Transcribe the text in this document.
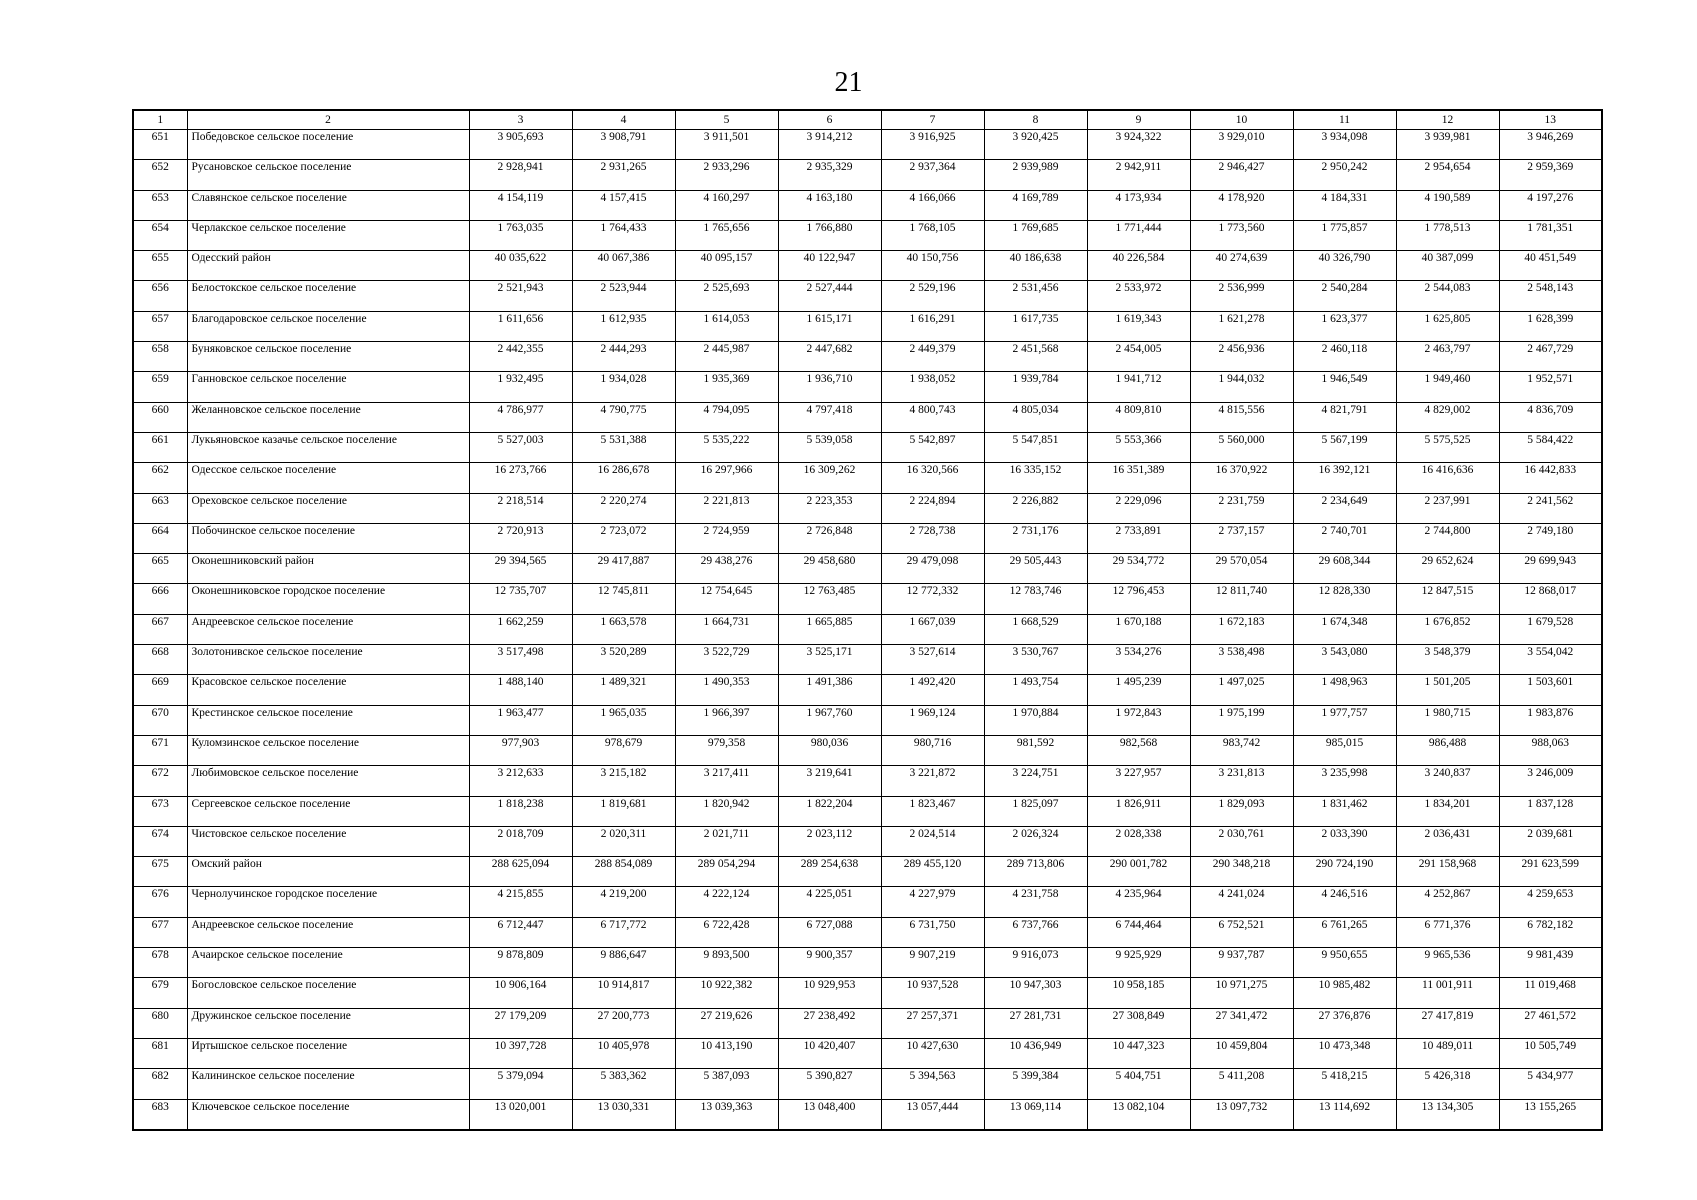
21
1	2	3	4	5	6	7	8	9	10	11	12	13
651	Победовское сельское поселение	3 905,693	3 908,791	3 911,501	3 914,212	3 916,925	3 920,425	3 924,322	3 929,010	3 934,098	3 939,981	3 946,269
652	Русановское сельское поселение	2 928,941	2 931,265	2 933,296	2 935,329	2 937,364	2 939,989	2 942,911	2 946,427	2 950,242	2 954,654	2 959,369
653	Славянское сельское поселение	4 154,119	4 157,415	4 160,297	4 163,180	4 166,066	4 169,789	4 173,934	4 178,920	4 184,331	4 190,589	4 197,276
654	Черлакское сельское поселение	1 763,035	1 764,433	1 765,656	1 766,880	1 768,105	1 769,685	1 771,444	1 773,560	1 775,857	1 778,513	1 781,351
655	Одесский район	40 035,622	40 067,386	40 095,157	40 122,947	40 150,756	40 186,638	40 226,584	40 274,639	40 326,790	40 387,099	40 451,549
656	Белостокское сельское поселение	2 521,943	2 523,944	2 525,693	2 527,444	2 529,196	2 531,456	2 533,972	2 536,999	2 540,284	2 544,083	2 548,143
657	Благодаровское сельское поселение	1 611,656	1 612,935	1 614,053	1 615,171	1 616,291	1 617,735	1 619,343	1 621,278	1 623,377	1 625,805	1 628,399
658	Буняковское сельское поселение	2 442,355	2 444,293	2 445,987	2 447,682	2 449,379	2 451,568	2 454,005	2 456,936	2 460,118	2 463,797	2 467,729
659	Ганновское сельское поселение	1 932,495	1 934,028	1 935,369	1 936,710	1 938,052	1 939,784	1 941,712	1 944,032	1 946,549	1 949,460	1 952,571
660	Желанновское сельское поселение	4 786,977	4 790,775	4 794,095	4 797,418	4 800,743	4 805,034	4 809,810	4 815,556	4 821,791	4 829,002	4 836,709
661	Лукьяновское казачье сельское поселение	5 527,003	5 531,388	5 535,222	5 539,058	5 542,897	5 547,851	5 553,366	5 560,000	5 567,199	5 575,525	5 584,422
662	Одесское сельское поселение	16 273,766	16 286,678	16 297,966	16 309,262	16 320,566	16 335,152	16 351,389	16 370,922	16 392,121	16 416,636	16 442,833
663	Ореховское сельское поселение	2 218,514	2 220,274	2 221,813	2 223,353	2 224,894	2 226,882	2 229,096	2 231,759	2 234,649	2 237,991	2 241,562
664	Побочинское сельское поселение	2 720,913	2 723,072	2 724,959	2 726,848	2 728,738	2 731,176	2 733,891	2 737,157	2 740,701	2 744,800	2 749,180
665	Оконешниковский район	29 394,565	29 417,887	29 438,276	29 458,680	29 479,098	29 505,443	29 534,772	29 570,054	29 608,344	29 652,624	29 699,943
666	Оконешниковское городское поселение	12 735,707	12 745,811	12 754,645	12 763,485	12 772,332	12 783,746	12 796,453	12 811,740	12 828,330	12 847,515	12 868,017
667	Андреевское сельское поселение	1 662,259	1 663,578	1 664,731	1 665,885	1 667,039	1 668,529	1 670,188	1 672,183	1 674,348	1 676,852	1 679,528
668	Золотонивское сельское поселение	3 517,498	3 520,289	3 522,729	3 525,171	3 527,614	3 530,767	3 534,276	3 538,498	3 543,080	3 548,379	3 554,042
669	Красовское сельское поселение	1 488,140	1 489,321	1 490,353	1 491,386	1 492,420	1 493,754	1 495,239	1 497,025	1 498,963	1 501,205	1 503,601
670	Крестинское сельское поселение	1 963,477	1 965,035	1 966,397	1 967,760	1 969,124	1 970,884	1 972,843	1 975,199	1 977,757	1 980,715	1 983,876
671	Куломзинское сельское поселение	977,903	978,679	979,358	980,036	980,716	981,592	982,568	983,742	985,015	986,488	988,063
672	Любимовское сельское поселение	3 212,633	3 215,182	3 217,411	3 219,641	3 221,872	3 224,751	3 227,957	3 231,813	3 235,998	3 240,837	3 246,009
673	Сергеевское сельское поселение	1 818,238	1 819,681	1 820,942	1 822,204	1 823,467	1 825,097	1 826,911	1 829,093	1 831,462	1 834,201	1 837,128
674	Чистовское сельское поселение	2 018,709	2 020,311	2 021,711	2 023,112	2 024,514	2 026,324	2 028,338	2 030,761	2 033,390	2 036,431	2 039,681
675	Омский район	288 625,094	288 854,089	289 054,294	289 254,638	289 455,120	289 713,806	290 001,782	290 348,218	290 724,190	291 158,968	291 623,599
676	Чернолучинское городское поселение	4 215,855	4 219,200	4 222,124	4 225,051	4 227,979	4 231,758	4 235,964	4 241,024	4 246,516	4 252,867	4 259,653
677	Андреевское сельское поселение	6 712,447	6 717,772	6 722,428	6 727,088	6 731,750	6 737,766	6 744,464	6 752,521	6 761,265	6 771,376	6 782,182
678	Ачаирское сельское поселение	9 878,809	9 886,647	9 893,500	9 900,357	9 907,219	9 916,073	9 925,929	9 937,787	9 950,655	9 965,536	9 981,439
679	Богословское сельское поселение	10 906,164	10 914,817	10 922,382	10 929,953	10 937,528	10 947,303	10 958,185	10 971,275	10 985,482	11 001,911	11 019,468
680	Дружинское сельское поселение	27 179,209	27 200,773	27 219,626	27 238,492	27 257,371	27 281,731	27 308,849	27 341,472	27 376,876	27 417,819	27 461,572
681	Иртышское сельское поселение	10 397,728	10 405,978	10 413,190	10 420,407	10 427,630	10 436,949	10 447,323	10 459,804	10 473,348	10 489,011	10 505,749
682	Калининское сельское поселение	5 379,094	5 383,362	5 387,093	5 390,827	5 394,563	5 399,384	5 404,751	5 411,208	5 418,215	5 426,318	5 434,977
683	Ключевское сельское поселение	13 020,001	13 030,331	13 039,363	13 048,400	13 057,444	13 069,114	13 082,104	13 097,732	13 114,692	13 134,305	13 155,265
